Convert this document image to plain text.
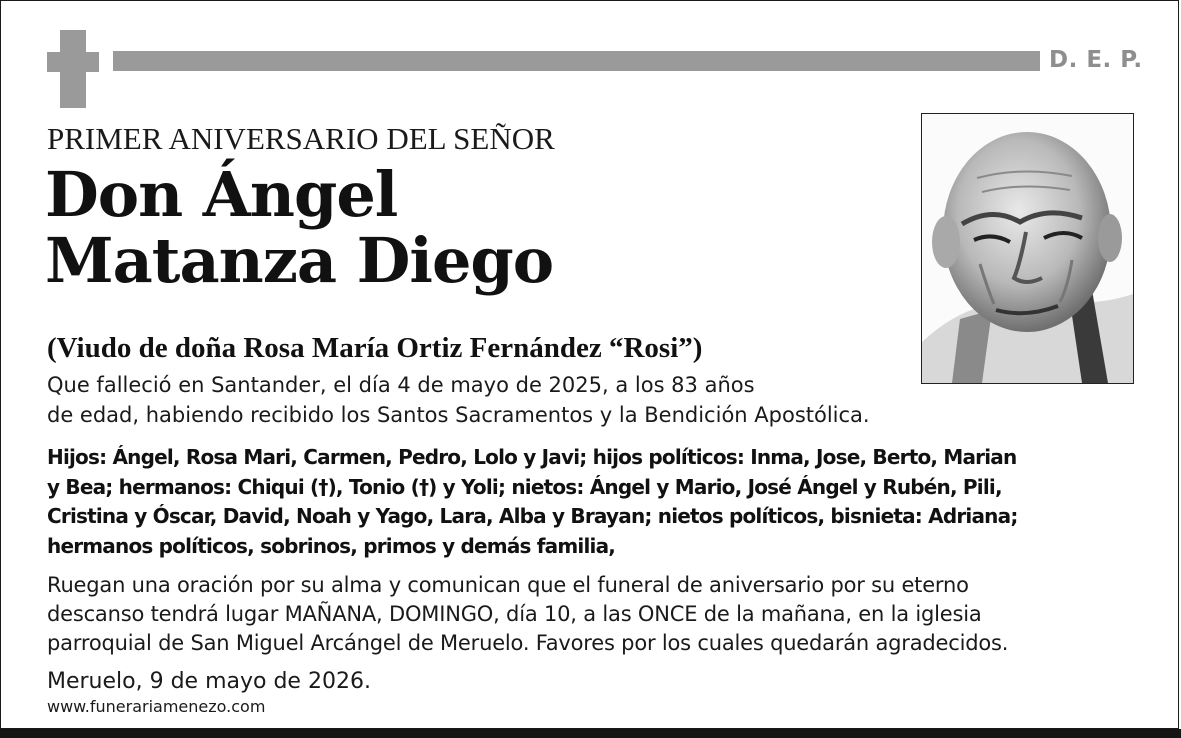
D. E. P.
PRIMER ANIVERSARIO DEL SEÑOR
Don Ángel
Matanza Diego
(Viudo de doña Rosa María Ortiz Fernández “Rosi”)
Que falleció en Santander, el día 4 de mayo de 2025, a los 83 años
de edad, habiendo recibido los Santos Sacramentos y la Bendición Apostólica.
Hijos: Ángel, Rosa Mari, Carmen, Pedro, Lolo y Javi; hijos políticos: Inma, Jose, Berto, Marian
y Bea; hermanos: Chiqui (†), Tonio (†) y Yoli; nietos: Ángel y Mario, José Ángel y Rubén, Pili,
Cristina y Óscar, David, Noah y Yago, Lara, Alba y Brayan; nietos políticos, bisnieta: Adriana;
hermanos políticos, sobrinos, primos y demás familia,
Ruegan una oración por su alma y comunican que el funeral de aniversario por su eterno
descanso tendrá lugar MAÑANA, DOMINGO, día 10, a las ONCE de la mañana, en la iglesia
parroquial de San Miguel Arcángel de Meruelo. Favores por los cuales quedarán agradecidos.
Meruelo, 9 de mayo de 2026.
www.funerariamenezo.com
